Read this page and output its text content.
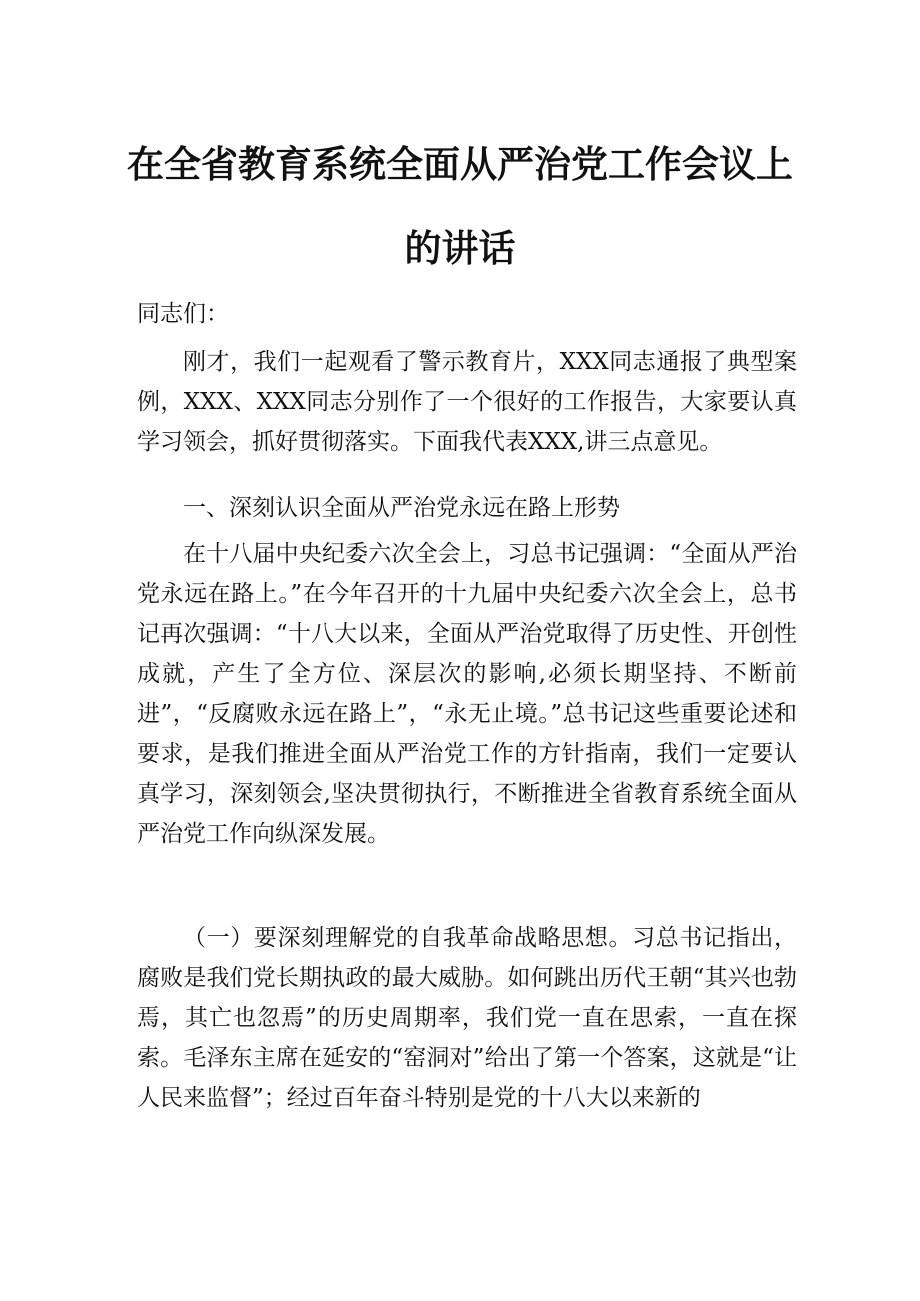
在全省教育系统全面从严治党工作会议上
的讲话

同志们：

刚才，我们一起观看了警示教育片，XXX同志通报了典型案例，XXX、XXX同志分别作了一个很好的工作报告，大家要认真学习领会，抓好贯彻落实。下面我代表XXX,讲三点意见。

一、深刻认识全面从严治党永远在路上形势

在十八届中央纪委六次全会上，习总书记强调：“全面从严治党永远在路上。”在今年召开的十九届中央纪委六次全会上，总书记再次强调：“十八大以来，全面从严治党取得了历史性、开创性成就，产生了全方位、深层次的影响,必须长期坚持、不断前进”，“反腐败永远在路上”，“永无止境。”总书记这些重要论述和要求，是我们推进全面从严治党工作的方针指南，我们一定要认真学习，深刻领会,坚决贯彻执行，不断推进全省教育系统全面从严治党工作向纵深发展。

（一）要深刻理解党的自我革命战略思想。习总书记指出，腐败是我们党长期执政的最大威胁。如何跳出历代王朝“其兴也勃焉，其亡也忽焉”的历史周期率，我们党一直在思索，一直在探索。毛泽东主席在延安的“窑洞对”给出了第一个答案，这就是“让人民来监督”；经过百年奋斗特别是党的十八大以来新的
